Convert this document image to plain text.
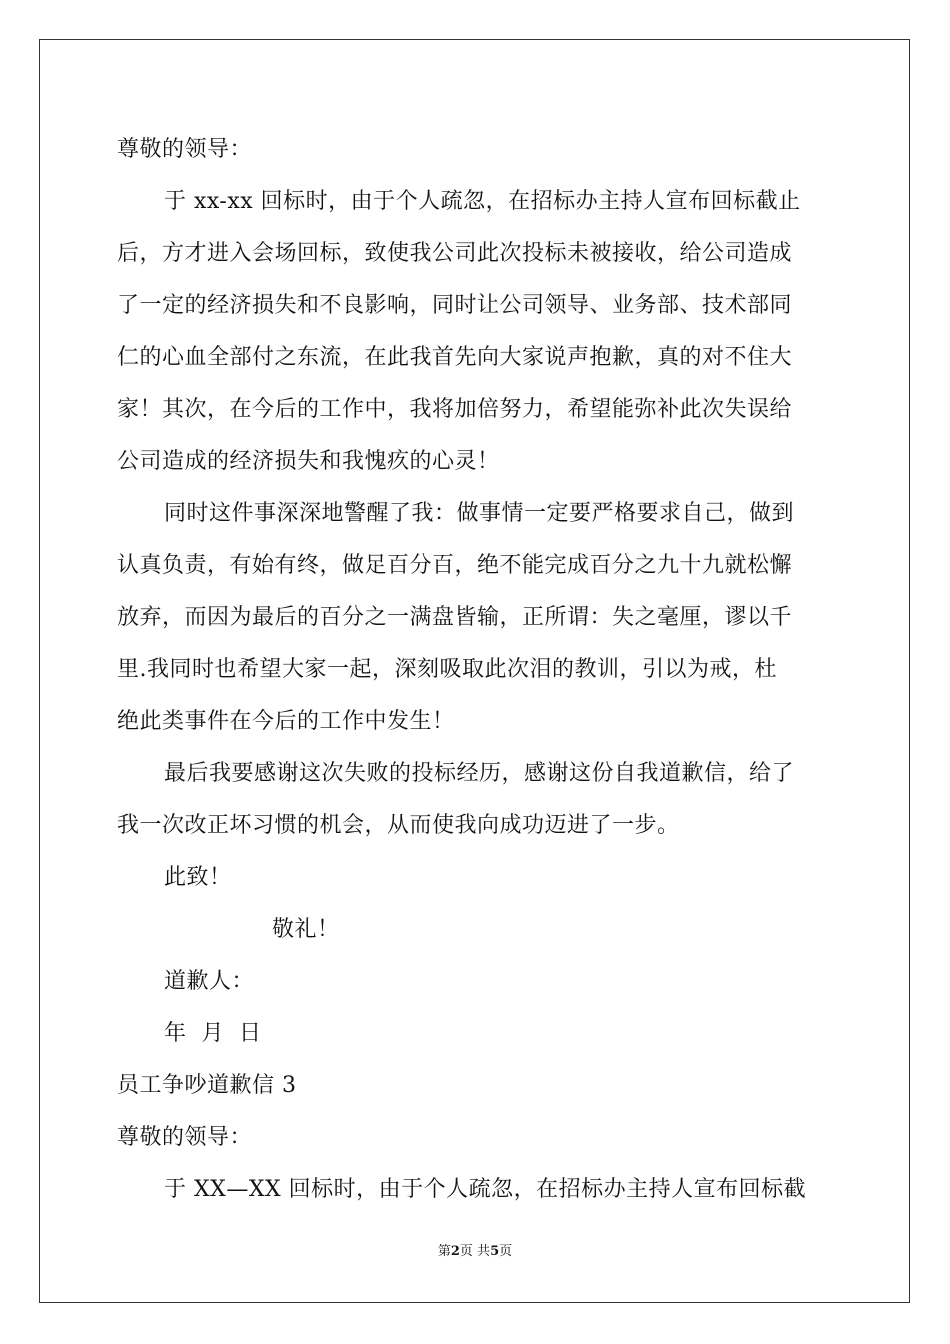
尊敬的领导：

于 xx-xx 回标时，由于个人疏忽，在招标办主持人宣布回标截止

后，方才进入会场回标，致使我公司此次投标未被接收，给公司造成

了一定的经济损失和不良影响，同时让公司领导、业务部、技术部同

仁的心血全部付之东流，在此我首先向大家说声抱歉，真的对不住大

家！其次，在今后的工作中，我将加倍努力，希望能弥补此次失误给

公司造成的经济损失和我愧疚的心灵！

同时这件事深深地警醒了我：做事情一定要严格要求自己，做到

认真负责，有始有终，做足百分百，绝不能完成百分之九十九就松懈

放弃，而因为最后的百分之一满盘皆输，正所谓：失之毫厘，谬以千

里.我同时也希望大家一起，深刻吸取此次泪的教训，引以为戒，杜

绝此类事件在今后的工作中发生！

最后我要感谢这次失败的投标经历，感谢这份自我道歉信，给了

我一次改正坏习惯的机会，从而使我向成功迈进了一步。

此致！

敬礼！

道歉人：

年  月  日

员工争吵道歉信 3

尊敬的领导：

于 XX—XX 回标时，由于个人疏忽，在招标办主持人宣布回标截

第2页 共5页
